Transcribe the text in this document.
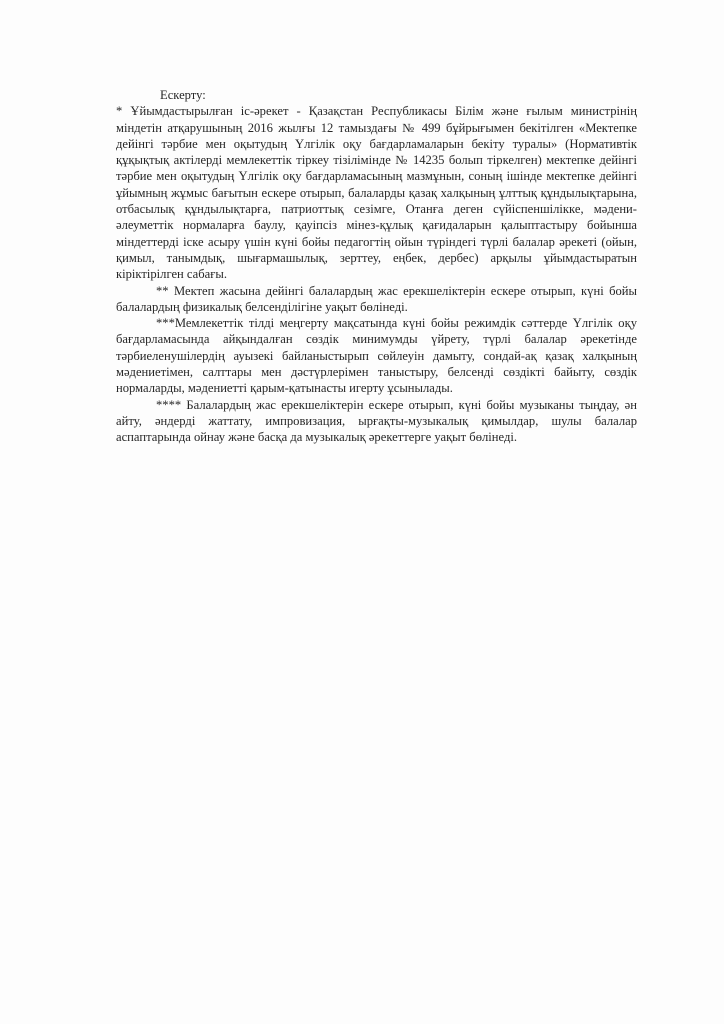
Ескерту:

* Ұйымдастырылған іс-әрекет - Қазақстан Республикасы Білім және ғылым министрінің міндетін атқарушының 2016 жылғы 12 тамыздағы № 499 бұйрығымен бекітілген «Мектепке дейінгі тәрбие мен оқытудың Үлгілік оқу бағдарламаларын бекіту туралы» (Нормативтік құқықтық актілерді мемлекеттік тіркеу тізілімінде № 14235 болып тіркелген) мектепке дейінгі тәрбие мен оқытудың Үлгілік оқу бағдарламасының мазмұнын, соның ішінде мектепке дейінгі ұйымның жұмыс бағытын ескере отырып, балаларды қазақ халқының ұлттық құндылықтарына, отбасылық құндылықтарға, патриоттық сезімге, Отанға деген сүйіспеншілікке, мәдени- әлеуметтік нормаларға баулу, қауіпсіз мінез-құлық қағидаларын қалыптастыру бойынша міндеттерді іске асыру үшін күні бойы педагогтің ойын түріндегі түрлі балалар әрекеті (ойын, қимыл, танымдық, шығармашылық, зерттеу, еңбек, дербес) арқылы ұйымдастыратын кіріктірілген сабағы.

** Мектеп жасына дейінгі балалардың жас ерекшеліктерін ескере отырып, күні бойы балалардың физикалық белсенділігіне уақыт бөлінеді.

***Мемлекеттік тілді меңгерту мақсатында күні бойы режимдік сәттерде Үлгілік оқу бағдарламасында айқындалған сөздік минимумды үйрету, түрлі балалар әрекетінде тәрбиеленушілердің ауызекі байланыстырып сөйлеуін дамыту, сондай-ақ қазақ халқының мәдениетімен, салттары мен дәстүрлерімен таныстыру, белсенді сөздікті байыту, сөздік нормаларды, мәдениетті қарым-қатынасты игерту ұсынылады.

**** Балалардың жас ерекшеліктерін ескере отырып, күні бойы музыканы тыңдау, ән айту, әндерді жаттату, импровизация, ырғақты-музыкалық қимылдар, шулы балалар аспаптарында ойнау және басқа да музыкалық әрекеттерге уақыт бөлінеді.
